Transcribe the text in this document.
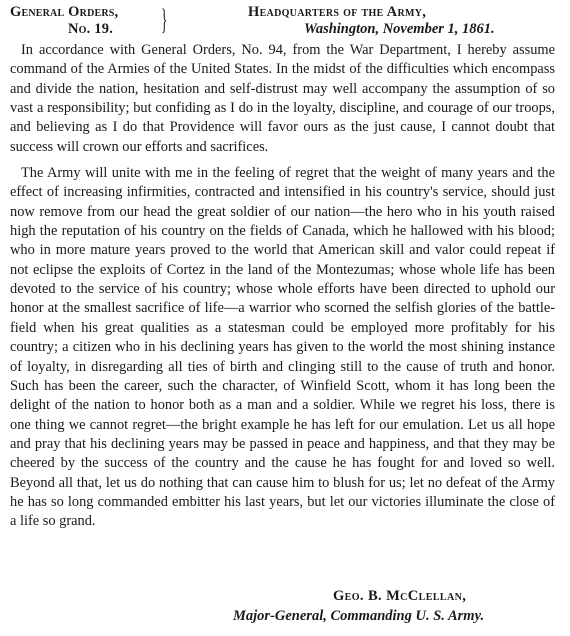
General Orders,
No. 19.	}	Headquarters of the Army,
Washington, November 1, 1861.

In accordance with General Orders, No. 94, from the War Department, I hereby assume command of the Armies of the United States. In the midst of the difficulties which encompass and divide the nation, hesitation and self-distrust may well accompany the assumption of so vast a responsibility; but confiding as I do in the loyalty, discipline, and courage of our troops, and believing as I do that Providence will favor ours as the just cause, I cannot doubt that success will crown our efforts and sacrifices.

The Army will unite with me in the feeling of regret that the weight of many years and the effect of increasing infirmities, contracted and intensified in his country's service, should just now remove from our head the great soldier of our nation—the hero who in his youth raised high the reputation of his country on the fields of Canada, which he hallowed with his blood; who in more mature years proved to the world that American skill and valor could repeat if not eclipse the exploits of Cortez in the land of the Montezumas; whose whole life has been devoted to the service of his country; whose whole efforts have been directed to uphold our honor at the smallest sacrifice of life—a warrior who scorned the selfish glories of the battle-field when his great qualities as a statesman could be employed more profitably for his country; a citizen who in his declining years has given to the world the most shining instance of loyalty, in disregarding all ties of birth and clinging still to the cause of truth and honor. Such has been the career, such the character, of Winfield Scott, whom it has long been the delight of the nation to honor both as a man and a soldier. While we regret his loss, there is one thing we cannot regret—the bright example he has left for our emulation. Let us all hope and pray that his declining years may be passed in peace and happiness, and that they may be cheered by the success of the country and the cause he has fought for and loved so well. Beyond all that, let us do nothing that can cause him to blush for us; let no defeat of the Army he has so long commanded embitter his last years, but let our victories illuminate the close of a life so grand.

Geo. B. McClellan,
Major-General, Commanding U. S. Army.
